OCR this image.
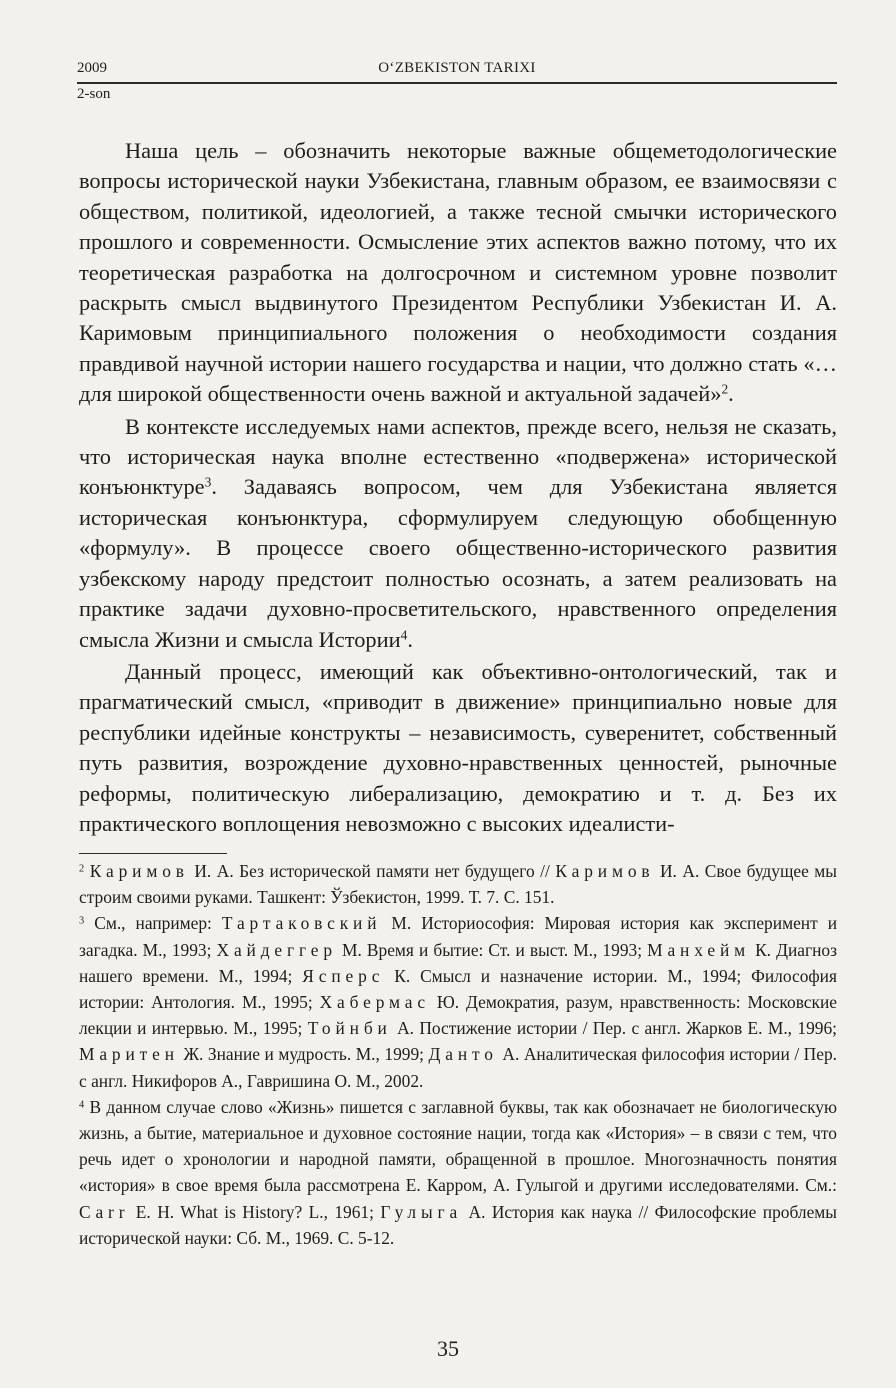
2009	O‘ZBEKISTON TARIXI
2-son

Наша цель – обозначить некоторые важные общеметодологические вопросы исторической науки Узбекистана, главным образом, ее взаимосвязи с обществом, политикой, идеологией, а также тесной смычки исторического прошлого и современности. Осмысление этих аспектов важно потому, что их теоретическая разработка на долгосрочном и системном уровне позволит раскрыть смысл выдвинутого Президентом Республики Узбекистан И. А. Каримовым принципиального положения о необходимости создания правдивой научной истории нашего государства и нации, что должно стать «…для широкой общественности очень важной и актуальной задачей»$^2$.

В контексте исследуемых нами аспектов, прежде всего, нельзя не сказать, что историческая наука вполне естественно «подвержена» исторической конъюнктуре$^3$. Задаваясь вопросом, чем для Узбекистана является историческая конъюнктура, сформулируем следующую обобщенную «формулу». В процессе своего общественно-исторического развития узбекскому народу предстоит полностью осознать, а затем реализовать на практике задачи духовно-просветительского, нравственного определения смысла Жизни и смысла Истории$^4$.

Данный процесс, имеющий как объективно-онтологический, так и прагматический смысл, «приводит в движение» принципиально новые для республики идейные конструкты – независимость, суверенитет, собственный путь развития, возрождение духовно-нравственных ценностей, рыночные реформы, политическую либерализацию, демократию и т. д. Без их практического воплощения невозможно с высоких идеалисти-

$^2$ Каримов И. А. Без исторической памяти нет будущего // Каримов И. А. Свое будущее мы строим своими руками. Ташкент: Ўзбекистон, 1999. Т. 7. С. 151.

$^3$ См., например: Тартаковский М. Историософия: Мировая история как эксперимент и загадка. М., 1993; Хайдеггер М. Время и бытие: Ст. и выст. М., 1993; Манхейм К. Диагноз нашего времени. М., 1994; Ясперс К. Смысл и назначение истории. М., 1994; Философия истории: Антология. М., 1995; Хабермас Ю. Демократия, разум, нравственность: Московские лекции и интервью. М., 1995; Тойнби А. Постижение истории / Пер. с англ. Жарков Е. М., 1996; Маритен Ж. Знание и мудрость. М., 1999; Данто А. Аналитическая философия истории / Пер. с англ. Никифоров А., Гавришина О. М., 2002.

$^4$ В данном случае слово «Жизнь» пишется с заглавной буквы, так как обозначает не биологическую жизнь, а бытие, материальное и духовное состояние нации, тогда как «История» – в связи с тем, что речь идет о хронологии и народной памяти, обращенной в прошлое. Многозначность понятия «история» в свое время была рассмотрена Е. Карром, А. Гулыгой и другими исследователями. См.: Carr E. H. What is History? L., 1961; Гулыга А. История как наука // Философские проблемы исторической науки: Сб. М., 1969. С. 5-12.

35
